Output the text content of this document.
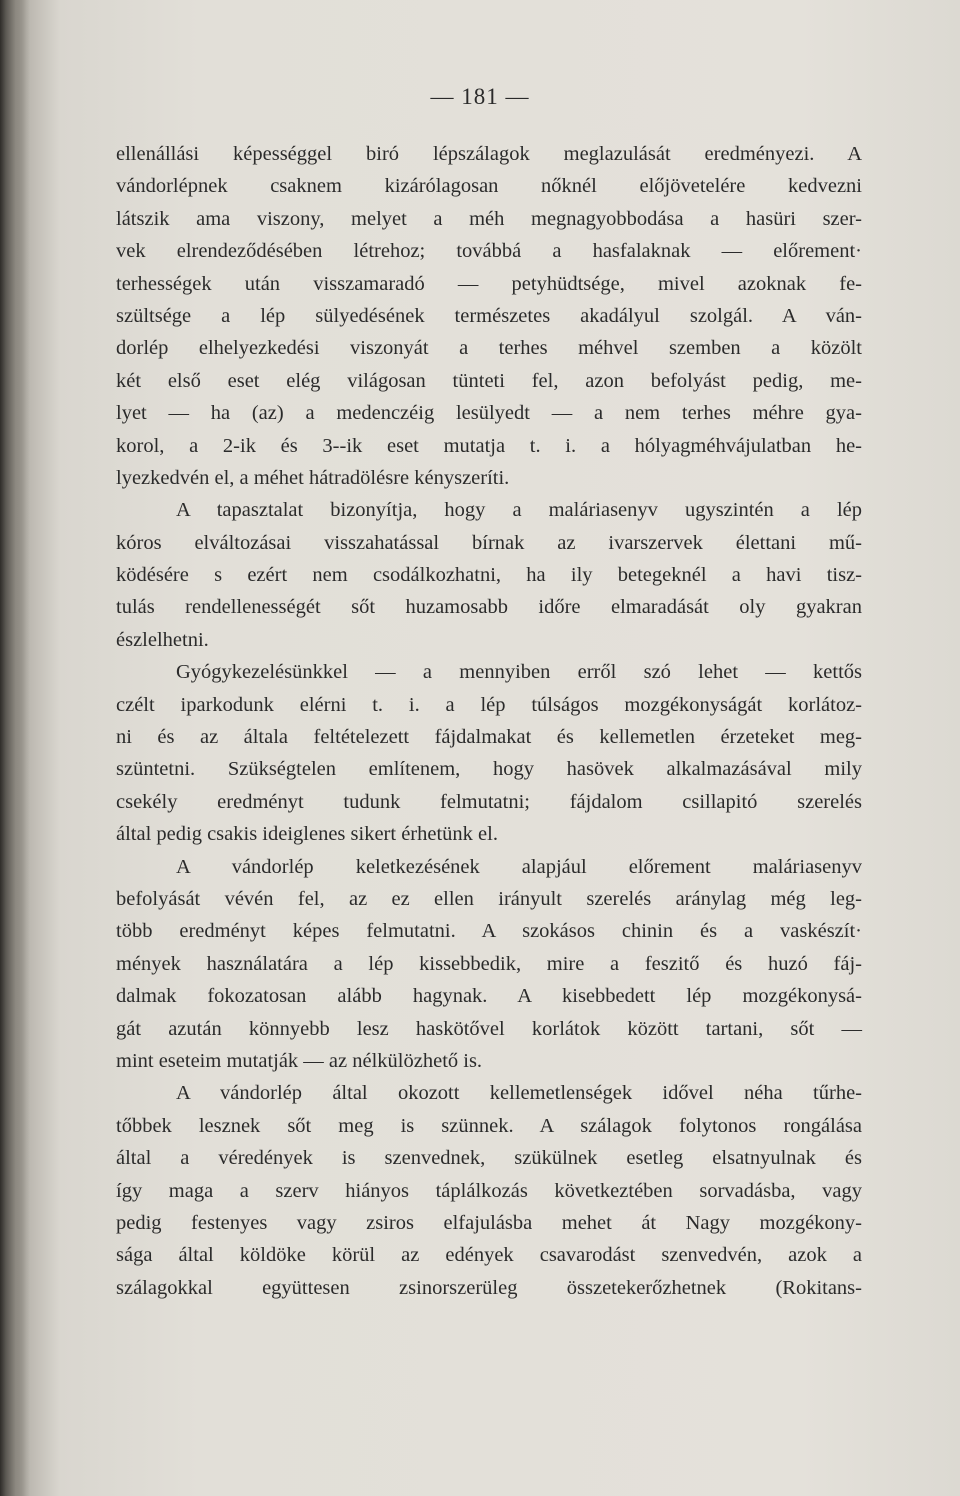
— 181 —
ellenállási képességgel biró lépszálagok meglazulását eredményezi. A
vándorlépnek csaknem kizárólagosan nőknél előjövetelére kedvezni
látszik ama viszony, melyet a méh megnagyobbodása a hasüri szer-
vek elrendeződésében létrehoz; továbbá a hasfalaknak — előrement·
terhességek után visszamaradó — petyhüdtsége, mivel azoknak fe-
szültsége a lép sülyedésének természetes akadályul szolgál. A ván-
dorlép elhelyezkedési viszonyát a terhes méhvel szemben a közölt
két első eset elég világosan tünteti fel, azon befolyást pedig, me-
lyet — ha (az) a medenczéig lesülyedt — a nem terhes méhre gya-
korol, a 2-ik és 3--ik eset mutatja t. i. a hólyagméhvájulatban he-
lyezkedvén el, a méhet hátradölésre kényszeríti.
A tapasztalat bizonyítja, hogy a maláriasenyv ugyszintén a lép
kóros elváltozásai visszahatással bírnak az ivarszervek élettani mű-
ködésére s ezért nem csodálkozhatni, ha ily betegeknél a havi tisz-
tulás rendellenességét sőt huzamosabb időre elmaradását oly gyakran
észlelhetni.
Gyógykezelésünkkel — a mennyiben erről szó lehet — kettős
czélt iparkodunk elérni t. i. a lép túlságos mozgékonyságát korlátoz-
ni és az általa feltételezett fájdalmakat és kellemetlen érzeteket meg-
szüntetni. Szükségtelen említenem, hogy hasövek alkalmazásával mily
csekély eredményt tudunk felmutatni; fájdalom csillapitó szerelés
által pedig csakis ideiglenes sikert érhetünk el.
A vándorlép keletkezésének alapjául előrement maláriasenyv
befolyását vévén fel, az ez ellen irányult szerelés aránylag még leg-
több eredményt képes felmutatni. A szokásos chinin és a vaskészít·
mények használatára a lép kissebbedik, mire a feszitő és huzó fáj-
dalmak fokozatosan alább hagynak. A kisebbedett lép mozgékonysá-
gát azután könnyebb lesz haskötővel korlátok között tartani, sőt —
mint eseteim mutatják — az nélkülözhető is.
A vándorlép által okozott kellemetlenségek idővel néha tűrhe-
tőbbek lesznek sőt meg is szünnek. A szálagok folytonos rongálása
által a véredények is szenvednek, szükülnek esetleg elsatnyulnak és
így maga a szerv hiányos táplálkozás következtében sorvadásba, vagy
pedig festenyes vagy zsiros elfajulásba mehet át Nagy mozgékony-
sága által köldöke körül az edények csavarodást szenvedvén, azok a
szálagokkal együttesen zsinorszerüleg összetekerőzhetnek (Rokitans-
